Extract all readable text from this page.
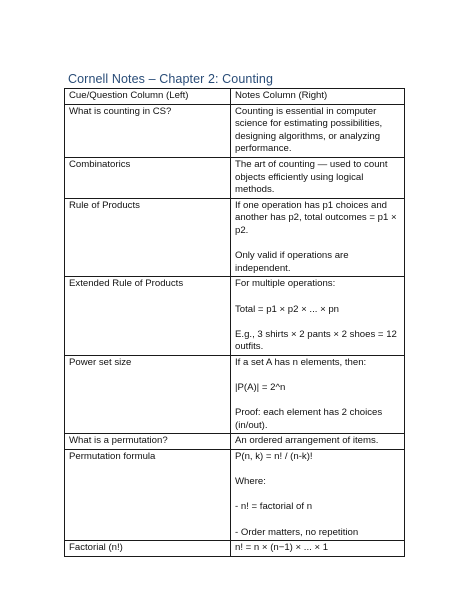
Cornell Notes – Chapter 2: Counting
Cue/Question Column (Left)	Notes Column (Right)
What is counting in CS?	Counting is essential in computer science for estimating possibilities, designing algorithms, or analyzing performance.

Combinatorics	The art of counting — used to count objects efficiently using logical methods.

Rule of Products	If one operation has p1 choices and another has p2, total outcomes = p1 × p2.
Only valid if operations are independent.

Extended Rule of Products	For multiple operations:
Total = p1 × p2 × ... × pn
E.g., 3 shirts × 2 pants × 2 shoes = 12 outfits.

Power set size	If a set A has n elements, then:
|P(A)| = 2^n
Proof: each element has 2 choices (in/out).

What is a permutation?	An ordered arrangement of items.

Permutation formula	P(n, k) = n! / (n-k)!
Where:
- n! = factorial of n
- Order matters, no repetition

Factorial (n!)	n! = n × (n−1) × ... × 1
